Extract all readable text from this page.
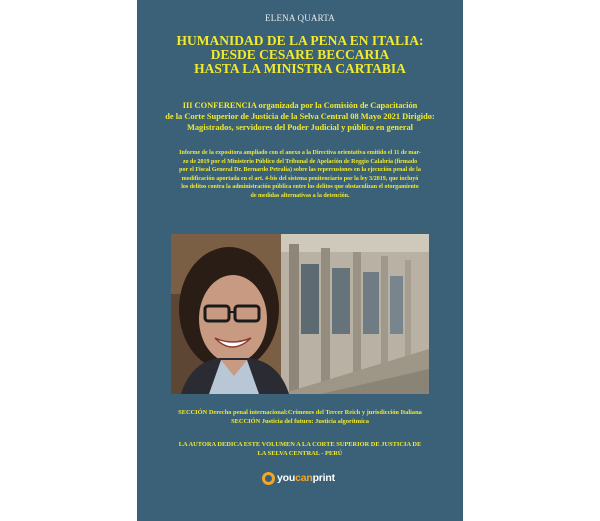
ELENA QUARTA
HUMANIDAD DE LA PENA EN ITALIA:
DESDE CESARE BECCARIA
HASTA LA MINISTRA CARTABIA
III CONFERENCIA organizada por la Comisión de Capacitación
de la Corte Superior de Justicia de la Selva Central 08 Mayo 2021 Dirigido:
Magistrados, servidores del Poder Judicial y público en general
Informe de la expositora ampliado con el anexo a la Directiva orientativa emitido el 11 de mar-
zo de 2019 por el Ministerio Público del Tribunal de Apelación de Reggio Calabria (firmado
por el Fiscal General Dr. Bernardo Petralia) sobre las repercusiones en la ejecución penal de la
modificación aportada en el art. 4-bis del sistema penitenciario por la ley 3/2019, que incluyó
los delitos contra la administración pública entre los delitos que obstaculizan el otorgamiento
de medidas alternativas a la detención.
SECCIÓN Derecho penal internacional:Crímenes del Tercer Reich y jurisdicción Italiana
SECCIÓN Justicia del futuro: Justicia algorítmica
LA AUTORA DEDICA ESTE VOLUMEN A LA CORTE SUPERIOR DE JUSTICIA DE
LA SELVA CENTRAL - PERÚ
youcanprint
